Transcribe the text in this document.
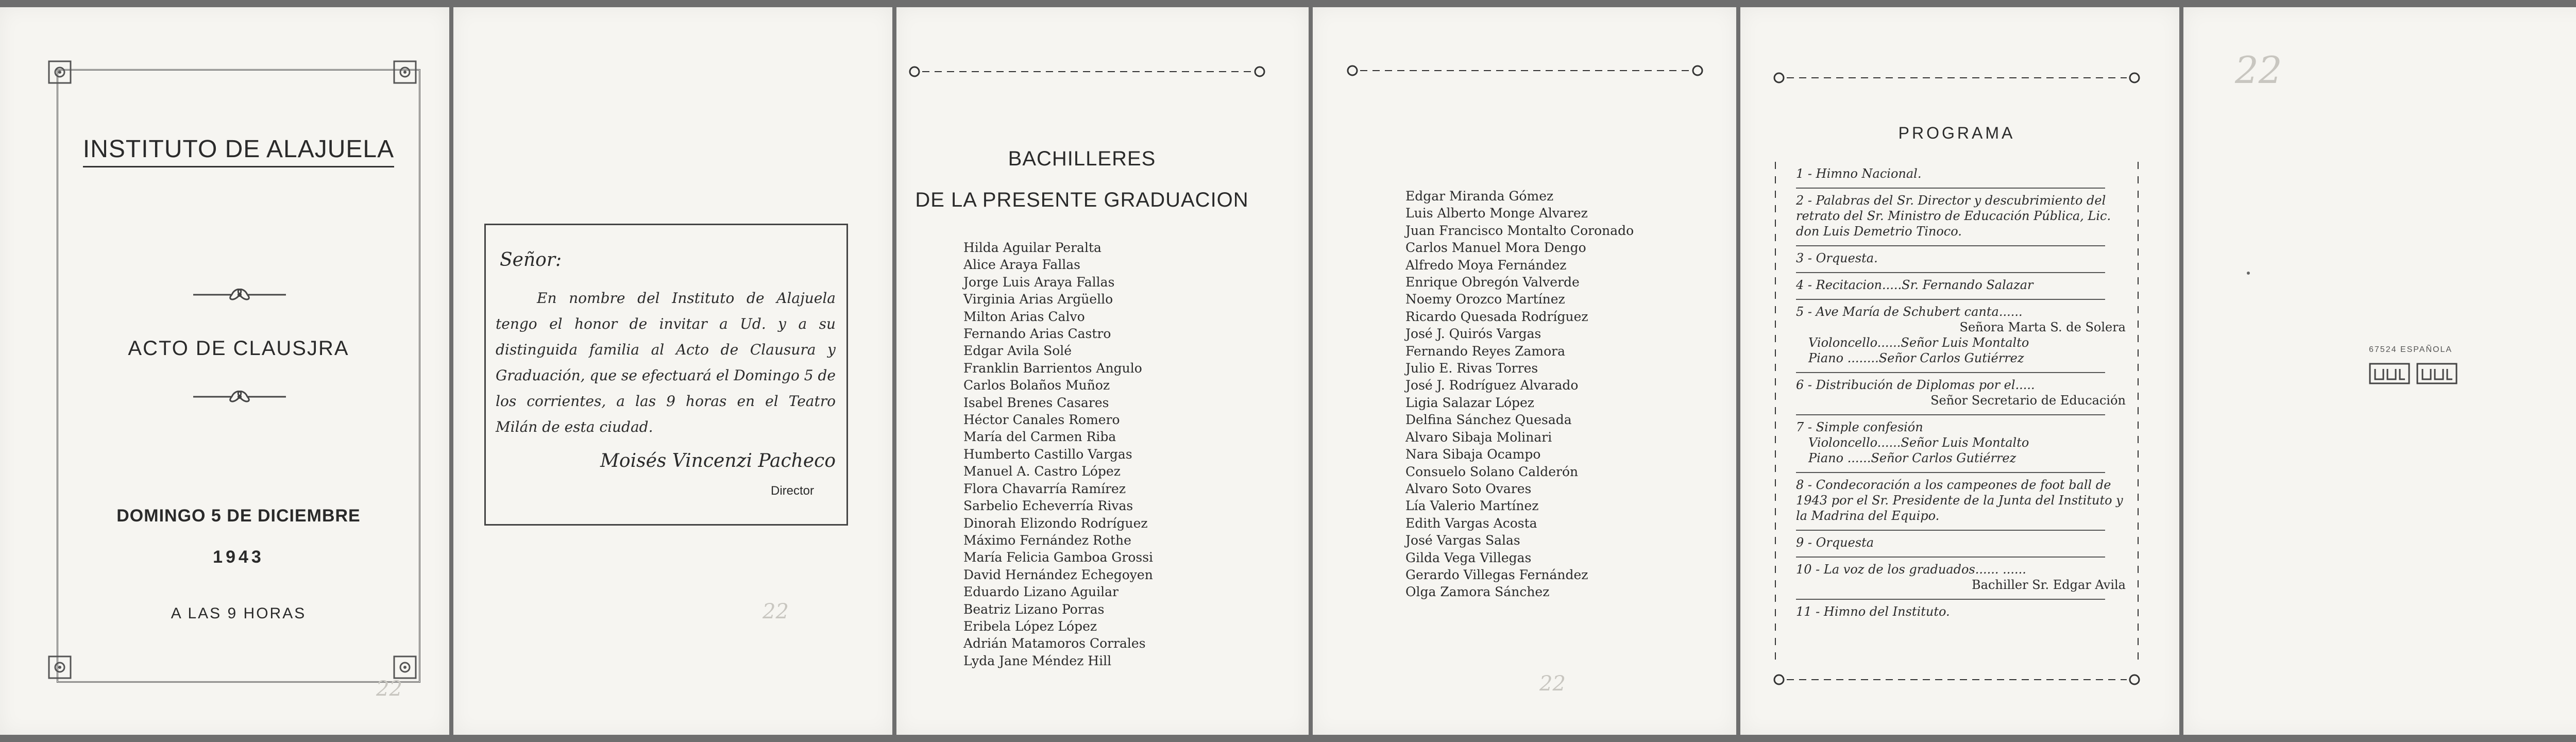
INSTITUTO DE ALAJUELA
ACTO DE CLAUSJRA
DOMINGO 5 DE DICIEMBRE
1943
A LAS 9 HORAS
22
Señor:
En nombre del Instituto de Alajuela tengo el honor de invitar a Ud. y a su distinguida familia al Acto de Clausura y Graduación, que se efectuará el Domingo 5 de los corrientes, a las 9 horas en el Teatro Milán de esta ciudad.
Moisés Vincenzi Pacheco
Director
22
BACHILLERES
DE LA PRESENTE GRADUACION
Hilda Aguilar Peralta
Alice Araya Fallas
Jorge Luis Araya Fallas
Virginia Arias Argüello
Milton Arias Calvo
Fernando Arias Castro
Edgar Avila Solé
Franklin Barrientos Angulo
Carlos Bolaños Muñoz
Isabel Brenes Casares
Héctor Canales Romero
María del Carmen Riba
Humberto Castillo Vargas
Manuel A. Castro López
Flora Chavarría Ramírez
Sarbelio Echeverría Rivas
Dinorah Elizondo Rodríguez
Máximo Fernández Rothe
María Felicia Gamboa Grossi
David Hernández Echegoyen
Eduardo Lizano Aguilar
Beatriz Lizano Porras
Eribela López López
Adrián Matamoros Corrales
Lyda Jane Méndez Hill
Edgar Miranda Gómez
Luis Alberto Monge Alvarez
Juan Francisco Montalto Coronado
Carlos Manuel Mora Dengo
Alfredo Moya Fernández
Enrique Obregón Valverde
Noemy Orozco Martínez
Ricardo Quesada Rodríguez
José J. Quirós Vargas
Fernando Reyes Zamora
Julio E. Rivas Torres
José J. Rodríguez Alvarado
Ligia Salazar López
Delfina Sánchez Quesada
Alvaro Sibaja Molinari
Nara Sibaja Ocampo
Consuelo Solano Calderón
Alvaro Soto Ovares
Lía Valerio Martínez
Edith Vargas Acosta
José Vargas Salas
Gilda Vega Villegas
Gerardo Villegas Fernández
Olga Zamora Sánchez
22
PROGRAMA
1 - Himno Nacional.
2 - Palabras del Sr. Director y descubrimiento del retrato del Sr. Ministro de Educación Pública, Lic. don Luis Demetrio Tinoco.
3 - Orquesta.
4 - Recitacion.....Sr. Fernando Salazar
5 - Ave María de Schubert canta......
Señora Marta S. de Solera
Violoncello......Señor Luis Montalto
Piano ........Señor Carlos Gutiérrez
6 - Distribución de Diplomas por el.....
Señor Secretario de Educación
7 - Simple confesión
Violoncello......Señor Luis Montalto
Piano ......Señor Carlos Gutiérrez
8 - Condecoración a los campeones de foot ball de 1943 por el Sr. Presidente de la Junta del Instituto y la Madrina del Equipo.
9 - Orquesta
10 - La voz de los graduados...... ......
Bachiller Sr. Edgar Avila
11 - Himno del Instituto.
22
67524 ESPAÑOLA
